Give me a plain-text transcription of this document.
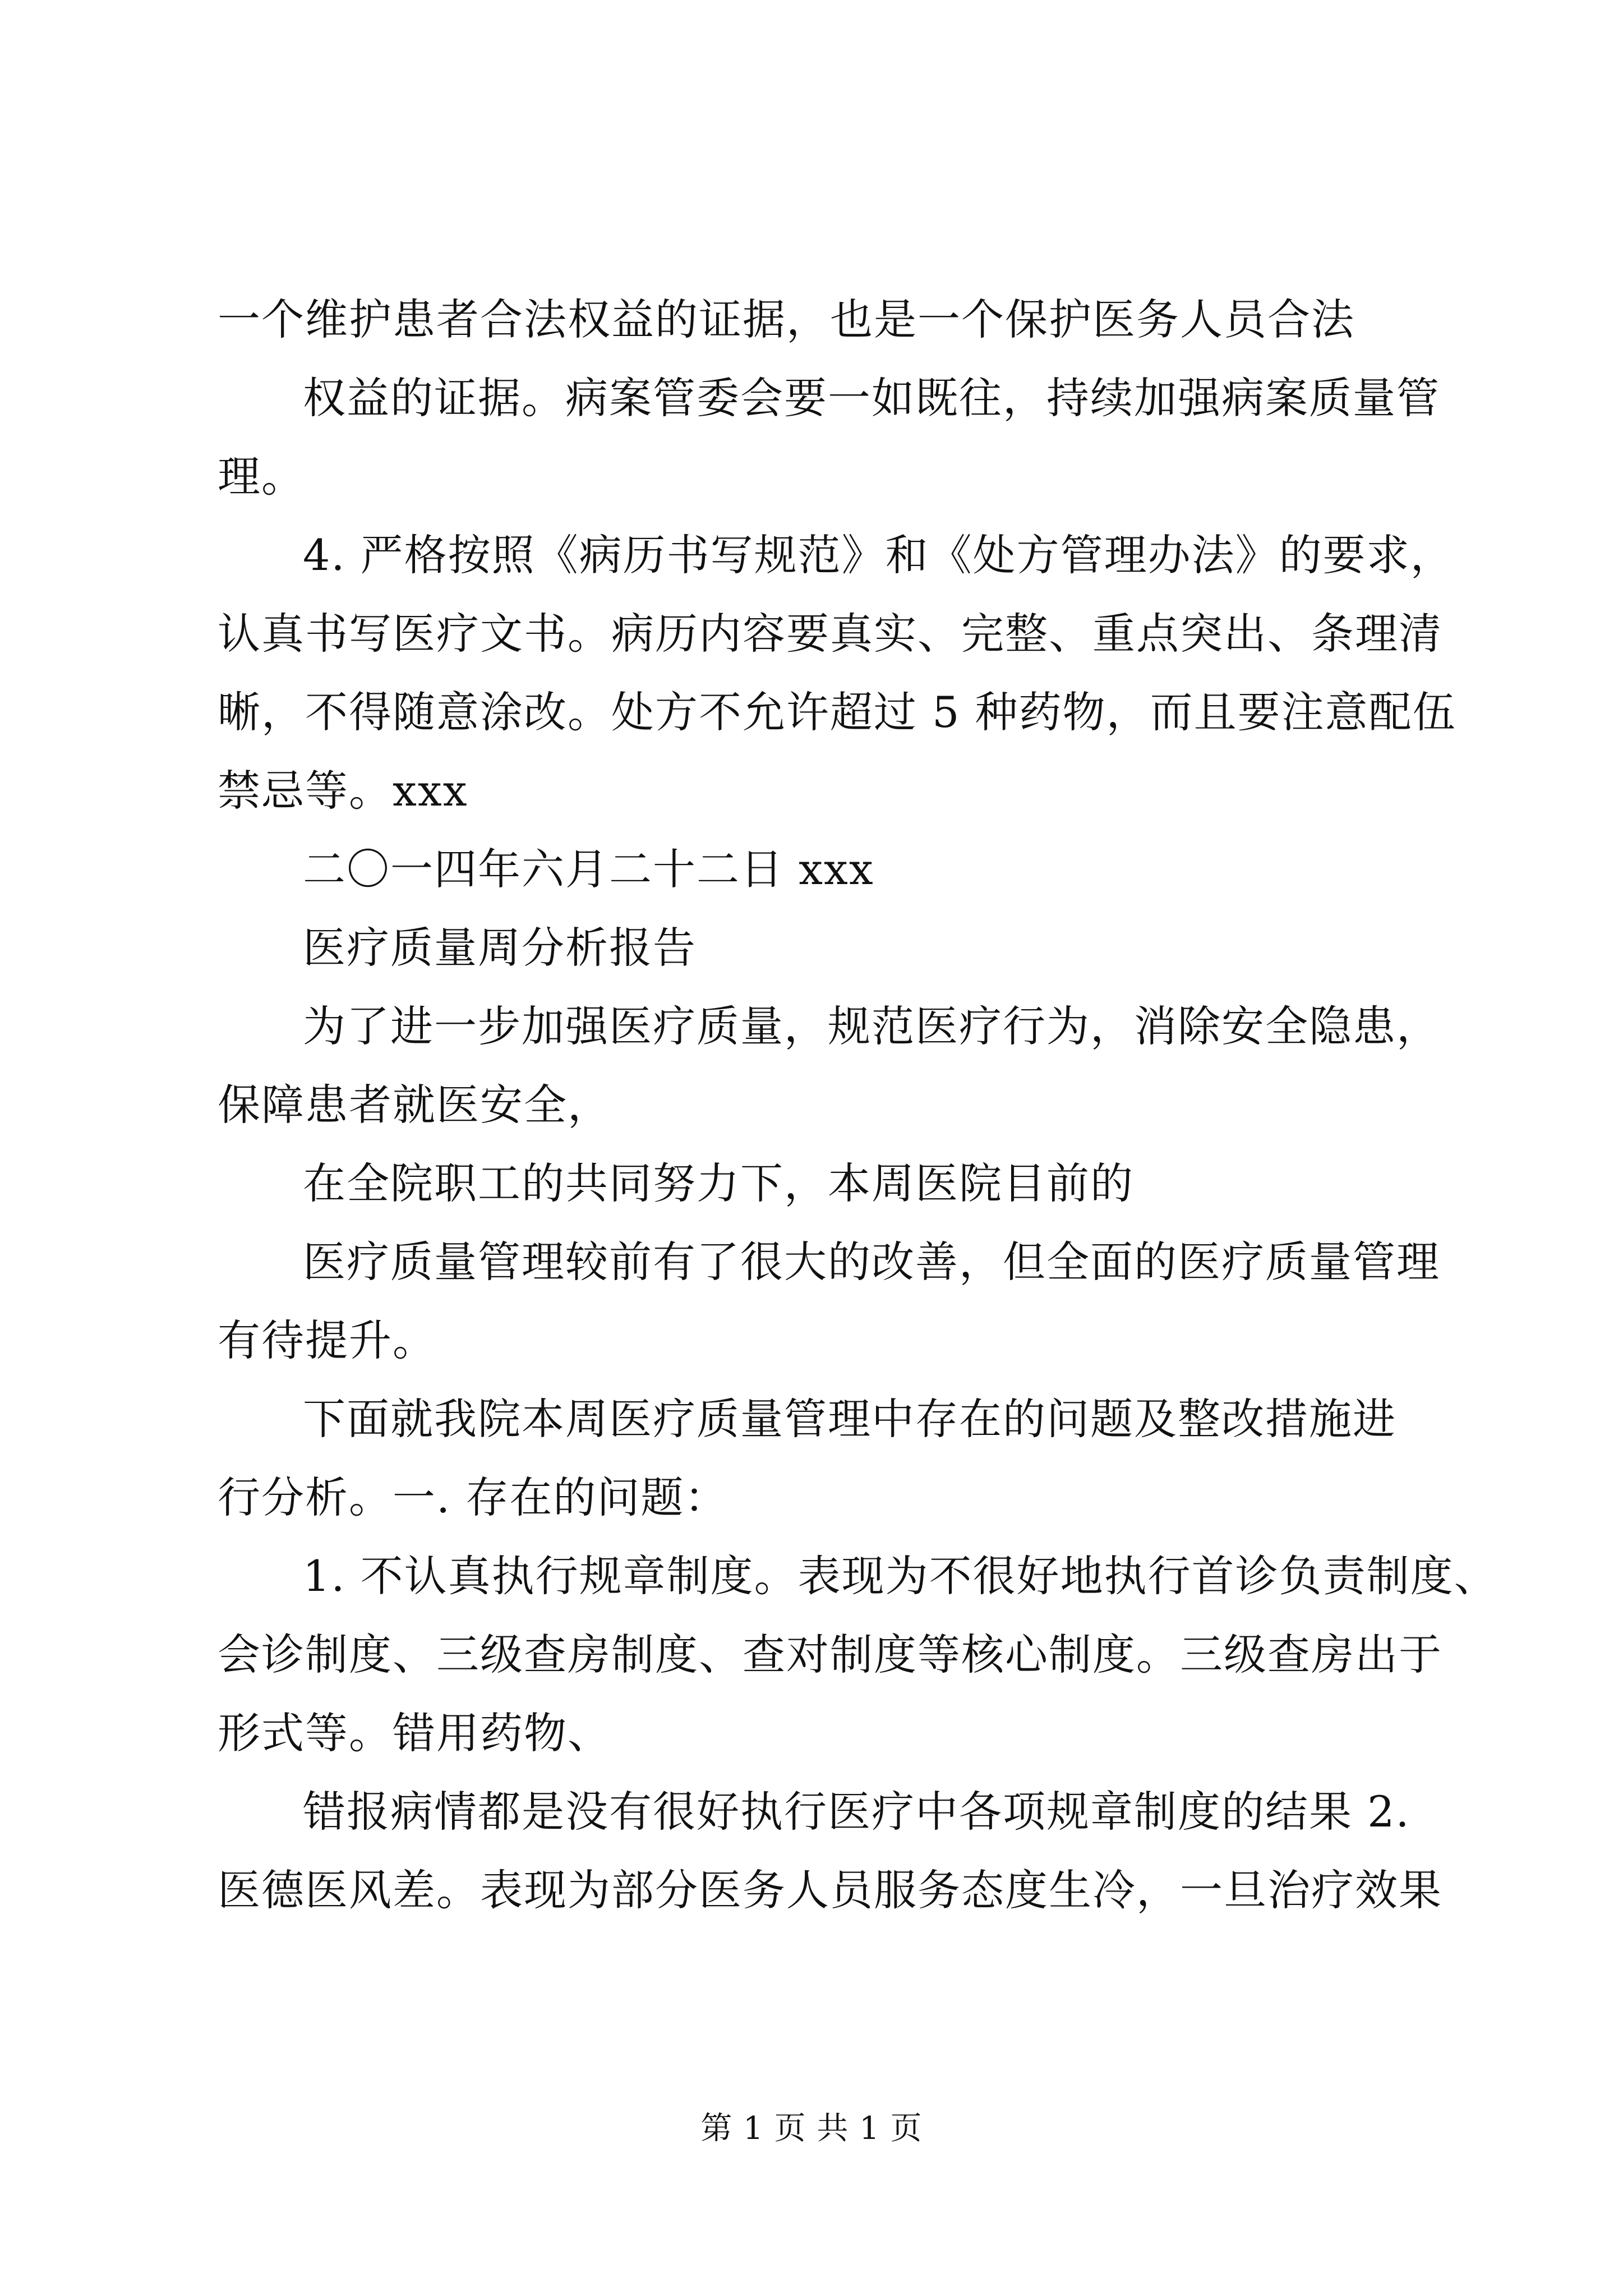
一个维护患者合法权益的证据，也是一个保护医务人员合法
权益的证据。病案管委会要一如既往，持续加强病案质量管
理。
4. 严格按照《病历书写规范》和《处方管理办法》的要求，
认真书写医疗文书。病历内容要真实、完整、重点突出、条理清
晰，不得随意涂改。处方不允许超过 5 种药物，而且要注意配伍
禁忌等。xxx
二〇一四年六月二十二日 xxx
医疗质量周分析报告
为了进一步加强医疗质量，规范医疗行为，消除安全隐患，
保障患者就医安全，
在全院职工的共同努力下，本周医院目前的
医疗质量管理较前有了很大的改善，但全面的医疗质量管理
有待提升。
下面就我院本周医疗质量管理中存在的问题及整改措施进
行分析。一. 存在的问题：
1. 不认真执行规章制度。表现为不很好地执行首诊负责制度、
会诊制度、三级查房制度、查对制度等核心制度。三级查房出于
形式等。错用药物、
错报病情都是没有很好执行医疗中各项规章制度的结果 2.
医德医风差。表现为部分医务人员服务态度生冷，一旦治疗效果
第 1 页 共 1 页
